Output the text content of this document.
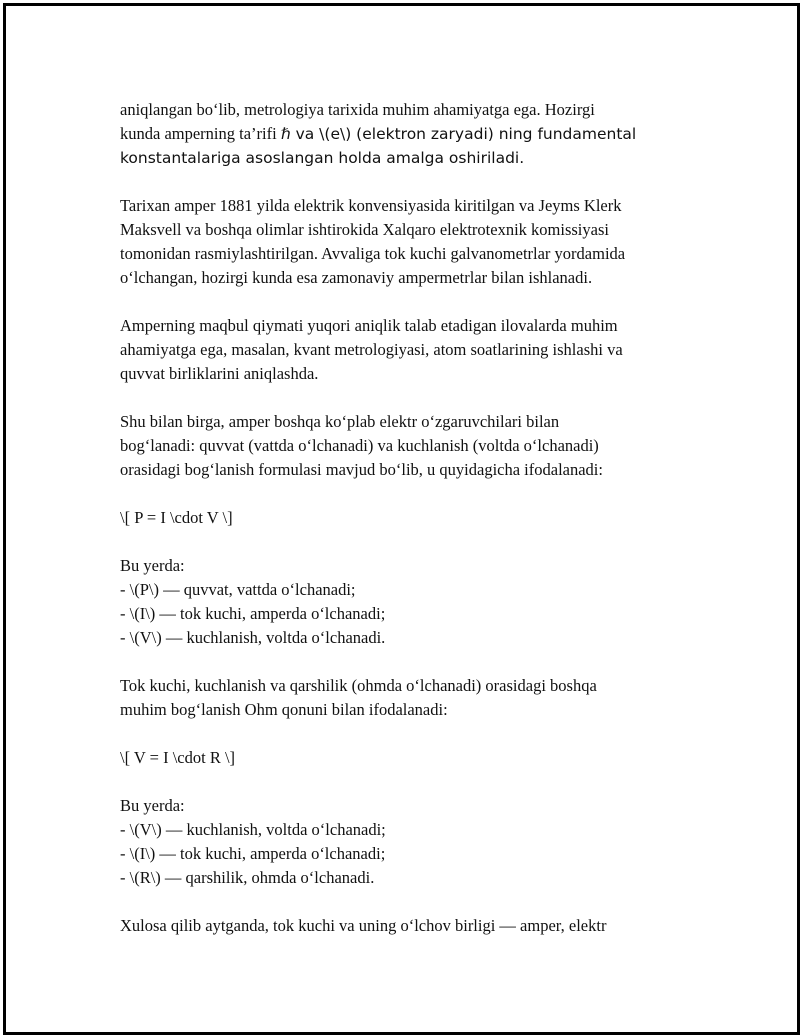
aniqlangan bo‘lib, metrologiya tarixida muhim ahamiyatga ega. Hozirgi
kunda amperning ta’rifi ℏ va \(e\) (elektron zaryadi) ning fundamental
konstantalariga asoslangan holda amalga oshiriladi.
Tarixan amper 1881 yilda elektrik konvensiyasida kiritilgan va Jeyms Klerk
Maksvell va boshqa olimlar ishtirokida Xalqaro elektrotexnik komissiyasi
tomonidan rasmiylashtirilgan. Avvaliga tok kuchi galvanometrlar yordamida
o‘lchangan, hozirgi kunda esa zamonaviy ampermetrlar bilan ishlanadi.
Amperning maqbul qiymati yuqori aniqlik talab etadigan ilovalarda muhim
ahamiyatga ega, masalan, kvant metrologiyasi, atom soatlarining ishlashi va
quvvat birliklarini aniqlashda.
Shu bilan birga, amper boshqa ko‘plab elektr o‘zgaruvchilari bilan
bog‘lanadi: quvvat (vattda o‘lchanadi) va kuchlanish (voltda o‘lchanadi)
orasidagi bog‘lanish formulasi mavjud bo‘lib, u quyidagicha ifodalanadi:
\[ P = I \cdot V \]
Bu yerda:
- \(P\) — quvvat, vattda o‘lchanadi;
- \(I\) — tok kuchi, amperda o‘lchanadi;
- \(V\) — kuchlanish, voltda o‘lchanadi.
Tok kuchi, kuchlanish va qarshilik (ohmda o‘lchanadi) orasidagi boshqa
muhim bog‘lanish Ohm qonuni bilan ifodalanadi:
\[ V = I \cdot R \]
Bu yerda:
- \(V\) — kuchlanish, voltda o‘lchanadi;
- \(I\) — tok kuchi, amperda o‘lchanadi;
- \(R\) — qarshilik, ohmda o‘lchanadi.
Xulosa qilib aytganda, tok kuchi va uning o‘lchov birligi — amper, elektr
